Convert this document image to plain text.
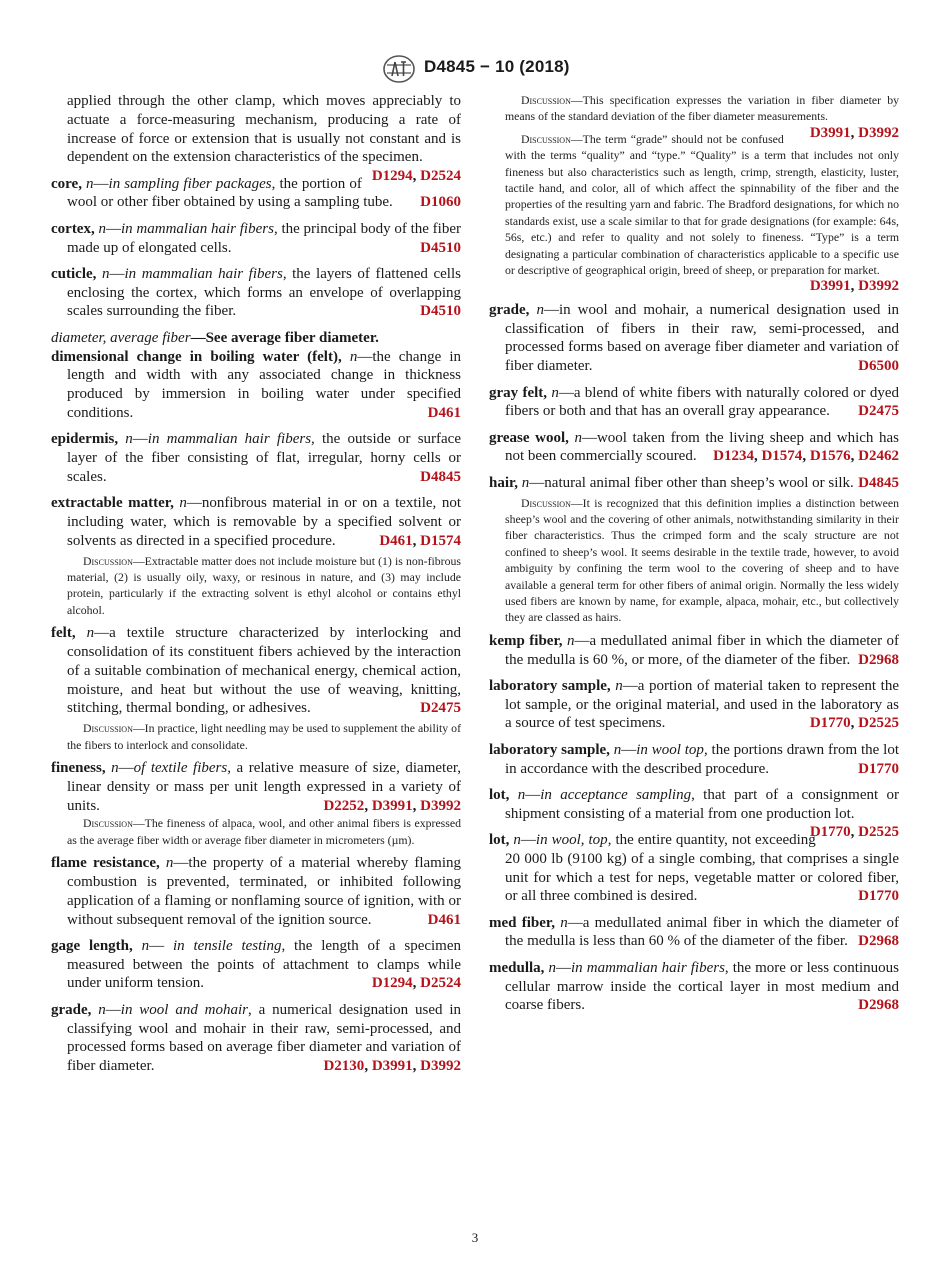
D4845 − 10 (2018)

applied through the other clamp, which moves appreciably to actuate a force-measuring mechanism, producing a rate of increase of force or extension that is usually not constant and is dependent on the extension characteristics of the specimen.
D1294, D2524

core, n—in sampling fiber packages, the portion of wool or other fiber obtained by using a sampling tube. D1060

cortex, n—in mammalian hair fibers, the principal body of the fiber made up of elongated cells.	D4510

cuticle, n—in mammalian hair fibers, the layers of flattened cells enclosing the cortex, which forms an envelope of overlapping scales surrounding the fiber.	D4510

diameter, average fiber—See average fiber diameter.

dimensional change in boiling water (felt), n—the change in length and width with any associated change in thickness produced by immersion in boiling water under specified conditions.	D461

epidermis, n—in mammalian hair fibers, the outside or surface layer of the fiber consisting of flat, irregular, horny cells or scales.	D4845

extractable matter, n—nonfibrous material in or on a textile, not including water, which is removable by a specified solvent or solvents as directed in a specified procedure.	D461, D1574

Discussion—Extractable matter does not include moisture but (1) is non-fibrous material, (2) is usually oily, waxy, or resinous in nature, and (3) may include protein, particularly if the extracting solvent is ethyl alcohol or contains ethyl alcohol.

felt, n—a textile structure characterized by interlocking and consolidation of its constituent fibers achieved by the interaction of a suitable combination of mechanical energy, chemical action, moisture, and heat but without the use of weaving, knitting, stitching, thermal bonding, or adhesives.	D2475

Discussion—In practice, light needling may be used to supplement the ability of the fibers to interlock and consolidate.

fineness, n—of textile fibers, a relative measure of size, diameter, linear density or mass per unit length expressed in a variety of units.	D2252, D3991, D3992

Discussion—The fineness of alpaca, wool, and other animal fibers is expressed as the average fiber width or average fiber diameter in micrometers (µm).

flame resistance, n—the property of a material whereby flaming combustion is prevented, terminated, or inhibited following application of a flaming or nonflaming source of ignition, with or without subsequent removal of the ignition source.	D461

gage length, n— in tensile testing, the length of a specimen measured between the points of attachment to clamps while under uniform tension.	D1294, D2524

grade, n—in wool and mohair, a numerical designation used in classifying wool and mohair in their raw, semi-processed, and processed forms based on average fiber diameter and variation of fiber diameter.	D2130, D3991, D3992

Discussion—This specification expresses the variation in fiber diameter by means of the standard deviation of the fiber diameter measurements.
D3991, D3992

Discussion—The term “grade” should not be confused with the terms “quality” and “type.” “Quality” is a term that includes not only fineness but also characteristics such as length, crimp, strength, elasticity, luster, tactile hand, and color, all of which affect the spinnability of the fiber and the properties of the resulting yarn and fabric. The Bradford designations, for which no standards exist, use a scale similar to that for grade designations (for example: 64s, 56s, etc.) and refer to quality and not solely to fineness. “Type” is a term designating a particular combination of characteristics applicable to a specific use or descriptive of geographical origin, breed of sheep, or preparation for market.
D3991, D3992

grade, n—in wool and mohair, a numerical designation used in classification of fibers in their raw, semi-processed, and processed forms based on average fiber diameter and variation of fiber diameter.	D6500

gray felt, n—a blend of white fibers with naturally colored or dyed fibers or both and that has an overall gray appearance. D2475

grease wool, n—wool taken from the living sheep and which has not been commercially scoured. D1234, D1574, D1576, D2462

hair, n—natural animal fiber other than sheep’s wool or silk. D4845

Discussion—It is recognized that this definition implies a distinction between sheep’s wool and the covering of other animals, notwithstanding similarity in their fiber characteristics. Thus the crimped form and the scaly structure are not confined to sheep’s wool. It seems desirable in the textile trade, however, to avoid ambiguity by confining the term wool to the covering of sheep and to have available a general term for other fibers of animal origin. Normally the less widely used fibers are known by name, for example, alpaca, mohair, etc., but collectively they are classed as hairs.

kemp fiber, n—a medullated animal fiber in which the diameter of the medulla is 60 %, or more, of the diameter of the fiber. D2968

laboratory sample, n—a portion of material taken to represent the lot sample, or the original material, and used in the laboratory as a source of test specimens.	D1770, D2525

laboratory sample, n—in wool top, the portions drawn from the lot in accordance with the described procedure.	D1770

lot, n—in acceptance sampling, that part of a consignment or shipment consisting of a material from one production lot.
D1770, D2525

lot, n—in wool, top, the entire quantity, not exceeding 20 000 lb (9100 kg) of a single combing, that comprises a single unit for which a test for neps, vegetable matter or colored fiber, or all three combined is desired.	D1770

med fiber, n—a medullated animal fiber in which the diameter of the medulla is less than 60 % of the diameter of the fiber. D2968

medulla, n—in mammalian hair fibers, the more or less continuous cellular marrow inside the cortical layer in most medium and coarse fibers.	D2968

3
